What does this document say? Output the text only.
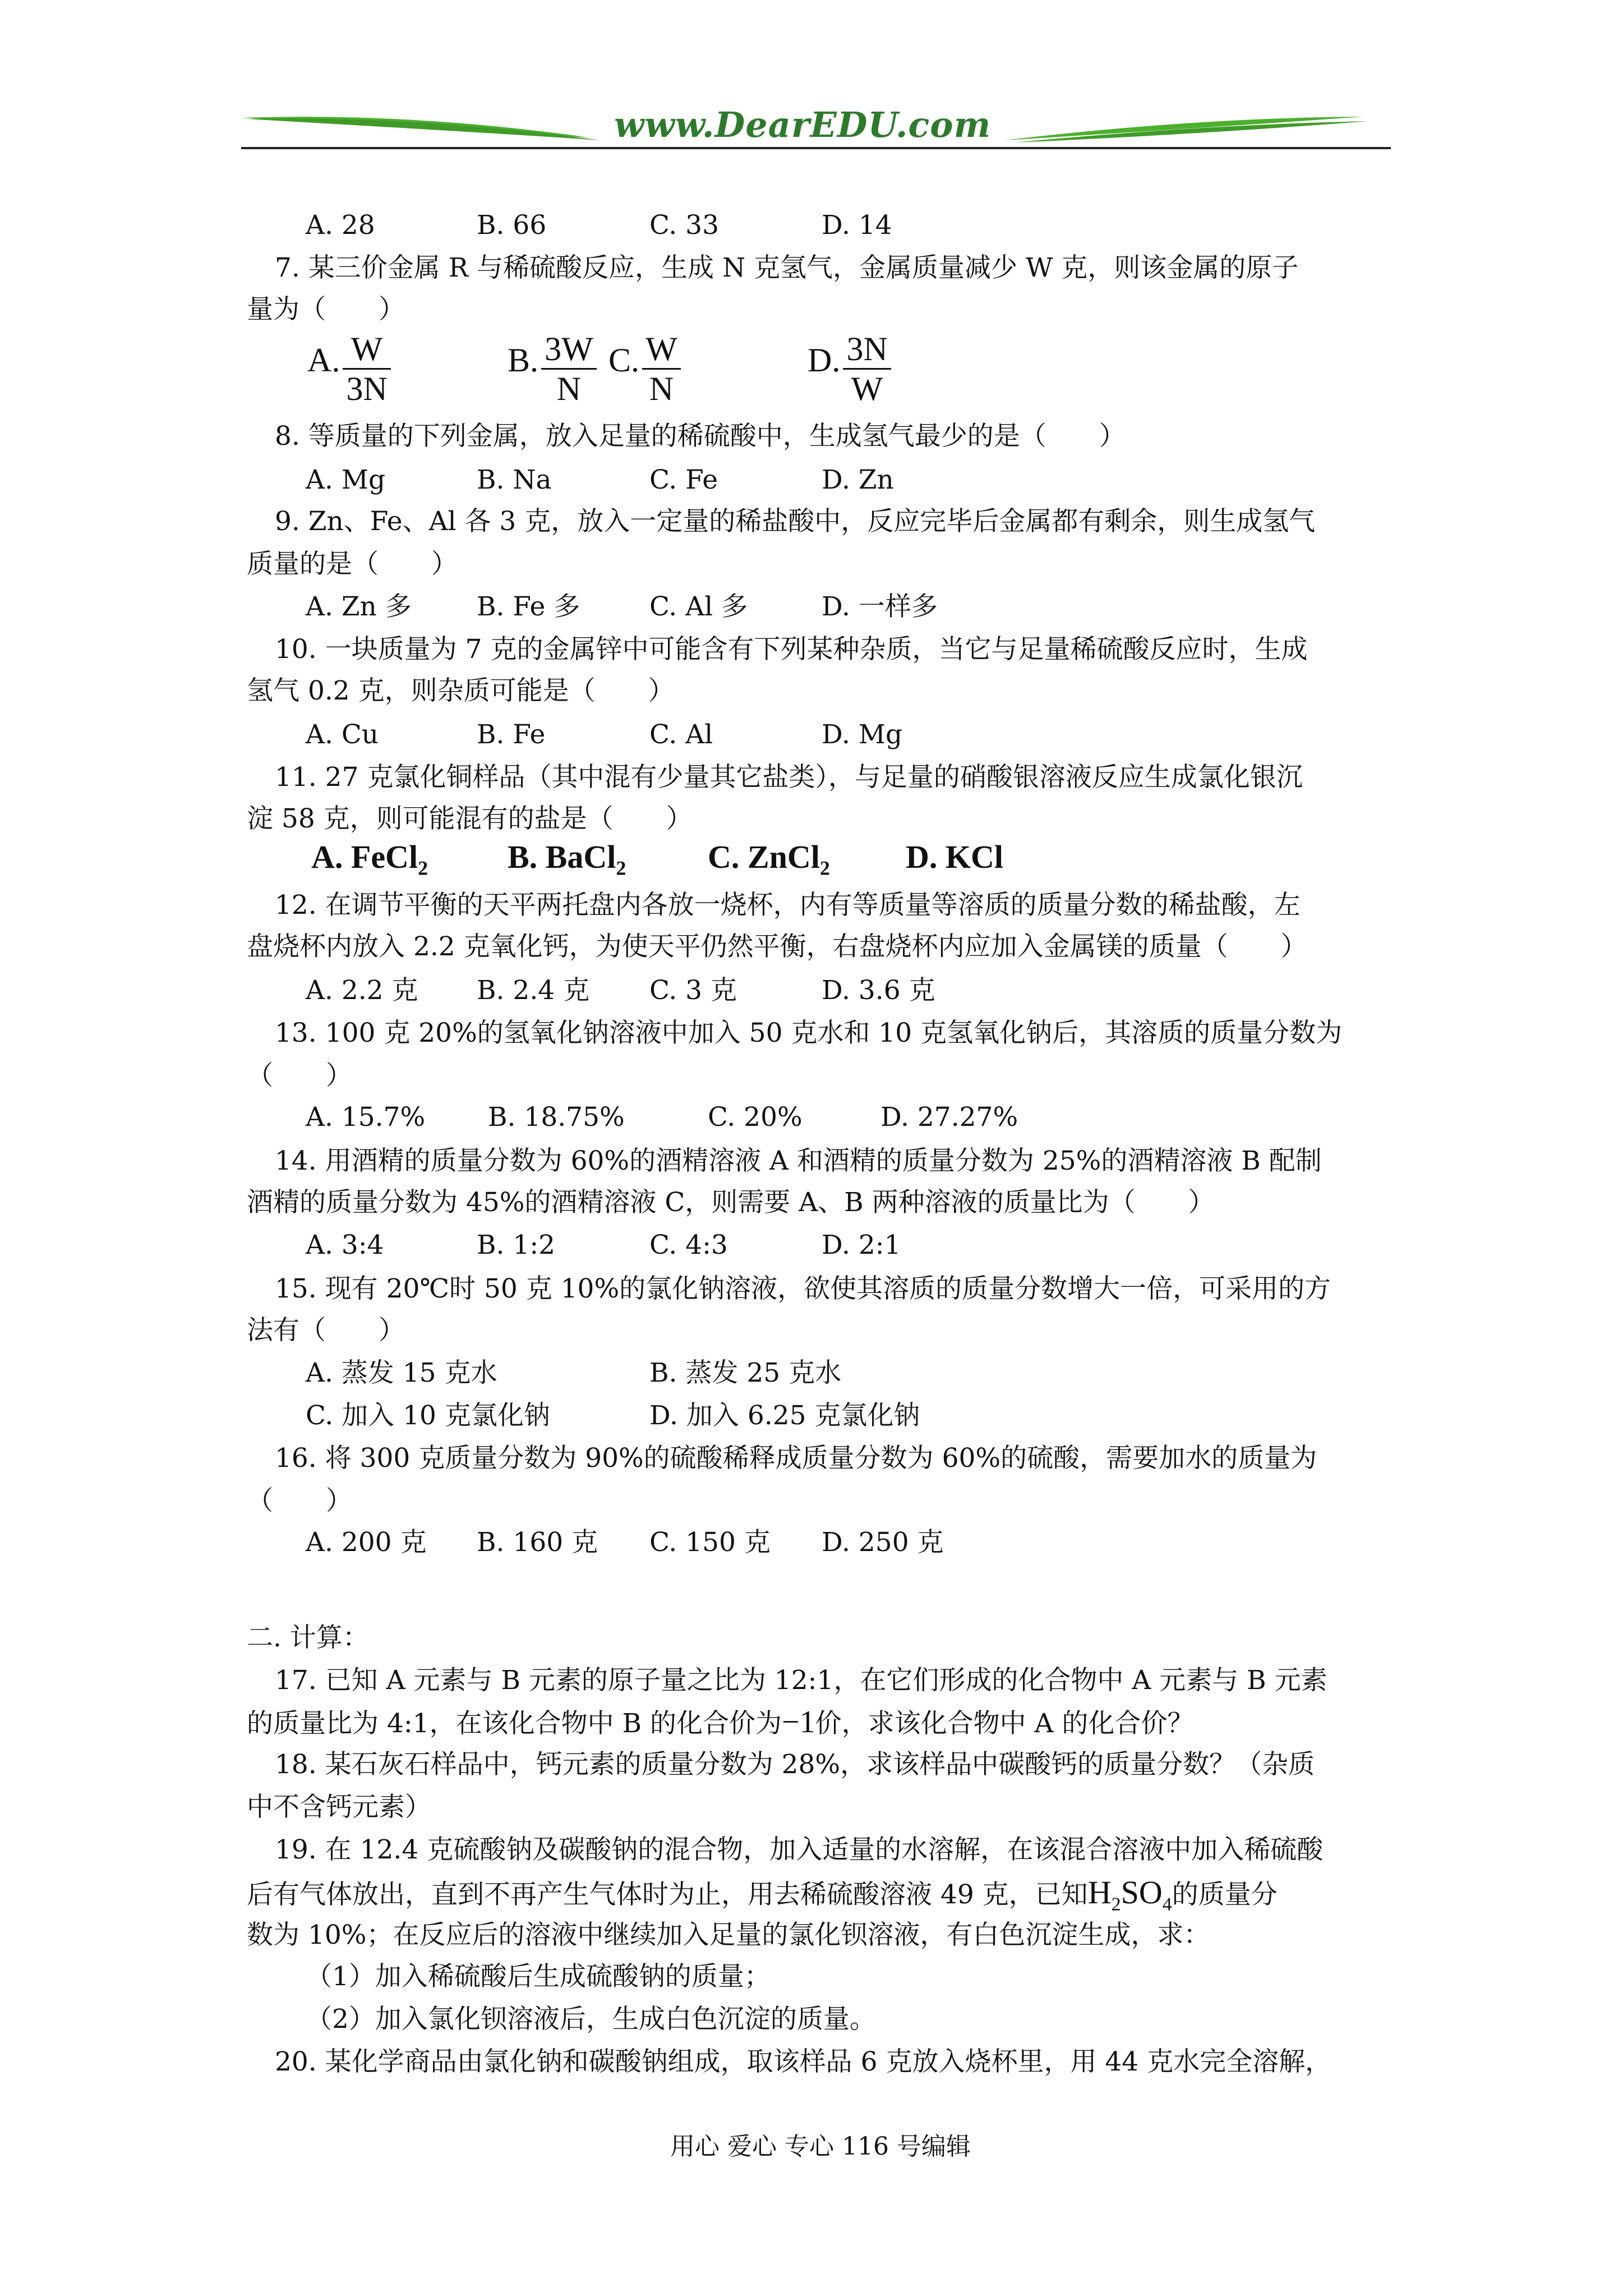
www.DearEDU.com
A. 28	B. 66	C. 33	D. 14
7. 某三价金属 R 与稀硫酸反应，生成 N 克氢气，金属质量减少 W 克，则该金属的原子
量为（　　）
A. $\frac{W}{3N}$	B. $\frac{3W}{N} C$. $\frac{W}{N}$	D. $\frac{3N}{W}$
8. 等质量的下列金属，放入足量的稀硫酸中，生成氢气最少的是（　　）
A. Mg	B. Na	C. Fe	D. Zn
9. Zn、Fe、Al 各 3 克，放入一定量的稀盐酸中，反应完毕后金属都有剩余，则生成氢气
质量的是（　　）
A. Zn 多 B. Fe 多	C. Al 多	D. 一样多
10. 一块质量为 7 克的金属锌中可能含有下列某种杂质，当它与足量稀硫酸反应时，生成
氢气 0.2 克，则杂质可能是（　　）
A. Cu	B. Fe	C. Al	D. Mg
11. 27 克氯化铜样品（其中混有少量其它盐类），与足量的硝酸银溶液反应生成氯化银沉
淀 58 克，则可能混有的盐是（　　）
A. FeCl$_2$ B. BaCl$_2$	C. ZnCl$_2$ D. KCl
12. 在调节平衡的天平两托盘内各放一烧杯，内有等质量等溶质的质量分数的稀盐酸，左
盘烧杯内放入 2.2 克氧化钙，为使天平仍然平衡，右盘烧杯内应加入金属镁的质量（　　）
A. 2.2 克 B. 2.4 克 C. 3 克	D. 3.6 克
13. 100 克 20%的氢氧化钠溶液中加入 50 克水和 10 克氢氧化钠后，其溶质的质量分数为
（　　）
A. 15.7% B. 18.75%	C. 20%	D. 27.27%
14. 用酒精的质量分数为 60%的酒精溶液 A 和酒精的质量分数为 25%的酒精溶液 B 配制
酒精的质量分数为 45%的酒精溶液 C，则需要 A、B 两种溶液的质量比为（　　）
A. 3:4	B. 1:2	C. 4:3	D. 2:1
15. 现有 20℃时 50 克 10%的氯化钠溶液，欲使其溶质的质量分数增大一倍，可采用的方
法有（　　）
A. 蒸发 15 克水	B. 蒸发 25 克水
C. 加入 10 克氯化钠	D. 加入 6.25 克氯化钠
16. 将 300 克质量分数为 90%的硫酸稀释成质量分数为 60%的硫酸，需要加水的质量为
（　　）
A. 200 克 B. 160 克 C. 150 克 D. 250 克
二. 计算：
17. 已知 A 元素与 B 元素的原子量之比为 12:1，在它们形成的化合物中 A 元素与 B 元素
的质量比为 4:1，在该化合物中 B 的化合价为−1价，求该化合物中 A 的化合价？
18. 某石灰石样品中，钙元素的质量分数为 28%，求该样品中碳酸钙的质量分数？（杂质
中不含钙元素）
19. 在 12.4 克硫酸钠及碳酸钠的混合物，加入适量的水溶解，在该混合溶液中加入稀硫酸
后有气体放出，直到不再产生气体时为止，用去稀硫酸溶液 49 克，已知$H_2SO_4$的质量分
数为 10%；在反应后的溶液中继续加入足量的氯化钡溶液，有白色沉淀生成，求：
（1）加入稀硫酸后生成硫酸钠的质量；
（2）加入氯化钡溶液后，生成白色沉淀的质量。
20. 某化学商品由氯化钠和碳酸钠组成，取该样品 6 克放入烧杯里，用 44 克水完全溶解，
用心 爱心 专心 116 号编辑
